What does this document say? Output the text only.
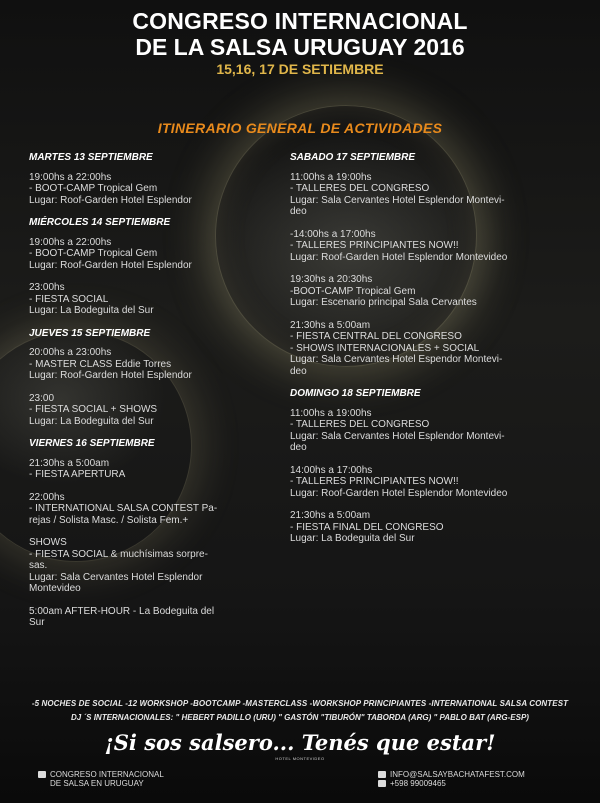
CONGRESO INTERNACIONAL
DE LA SALSA URUGUAY 2016
15,16, 17 DE SETIEMBRE
ITINERARIO GENERAL DE ACTIVIDADES
MARTES 13 SEPTIEMBRE
19:00hs a 22:00hs
- BOOT-CAMP Tropical Gem
Lugar: Roof-Garden Hotel Esplendor
MIÉRCOLES 14 SEPTIEMBRE
19:00hs a 22:00hs
- BOOT-CAMP Tropical Gem
Lugar: Roof-Garden Hotel Esplendor
23:00hs
- FIESTA SOCIAL
Lugar: La Bodeguita del Sur
JUEVES 15 SEPTIEMBRE
20:00hs a 23:00hs
- MASTER CLASS Eddie Torres
Lugar: Roof-Garden Hotel Esplendor
23:00
- FIESTA SOCIAL + SHOWS
Lugar: La Bodeguita del Sur
VIERNES 16 SEPTIEMBRE
21:30hs a 5:00am
- FIESTA APERTURA
22:00hs
- INTERNATIONAL SALSA CONTEST Pa-
rejas / Solista Masc. / Solista Fem.+
SHOWS
- FIESTA SOCIAL & muchísimas sorpre-
sas.
Lugar: Sala Cervantes Hotel Esplendor
Montevideo
5:00am AFTER-HOUR - La Bodeguita del
Sur
SABADO 17 SEPTIEMBRE
11:00hs a 19:00hs
- TALLERES DEL CONGRESO
Lugar: Sala Cervantes Hotel Esplendor Montevi-
deo
-14:00hs a 17:00hs
- TALLERES PRINCIPIANTES NOW!!
Lugar: Roof-Garden Hotel Esplendor Montevideo
19:30hs a 20:30hs
-BOOT-CAMP Tropical Gem
Lugar: Escenario principal Sala Cervantes
21:30hs a 5:00am
- FIESTA CENTRAL DEL CONGRESO
- SHOWS INTERNACIONALES + SOCIAL
Lugar: Sala Cervantes Hotel Espendor Montevi-
deo
DOMINGO 18 SEPTIEMBRE
11:00hs a 19:00hs
- TALLERES DEL CONGRESO
Lugar: Sala Cervantes Hotel Esplendor Montevi-
deo
14:00hs a 17:00hs
- TALLERES PRINCIPIANTES NOW!!
Lugar: Roof-Garden Hotel Esplendor Montevideo
21:30hs a 5:00am
- FIESTA FINAL DEL CONGRESO
Lugar: La Bodeguita del Sur
-5 NOCHES DE SOCIAL -12 WORKSHOP -BOOTCAMP -MASTERCLASS -WORKSHOP PRINCIPIANTES -INTERNATIONAL SALSA CONTEST
DJ ´S INTERNACIONALES: " HEBERT PADILLO (URU) " GASTÓN "TIBURÓN" TABORDA (ARG) " PABLO BAT (ARG-ESP)
¡Si sos salsero... Tenés que estar!
HOTEL MONTEVIDEO
CONGRESO INTERNACIONAL
DE SALSA EN URUGUAY
INFO@SALSAYBACHATAFEST.COM
+598 99009465
